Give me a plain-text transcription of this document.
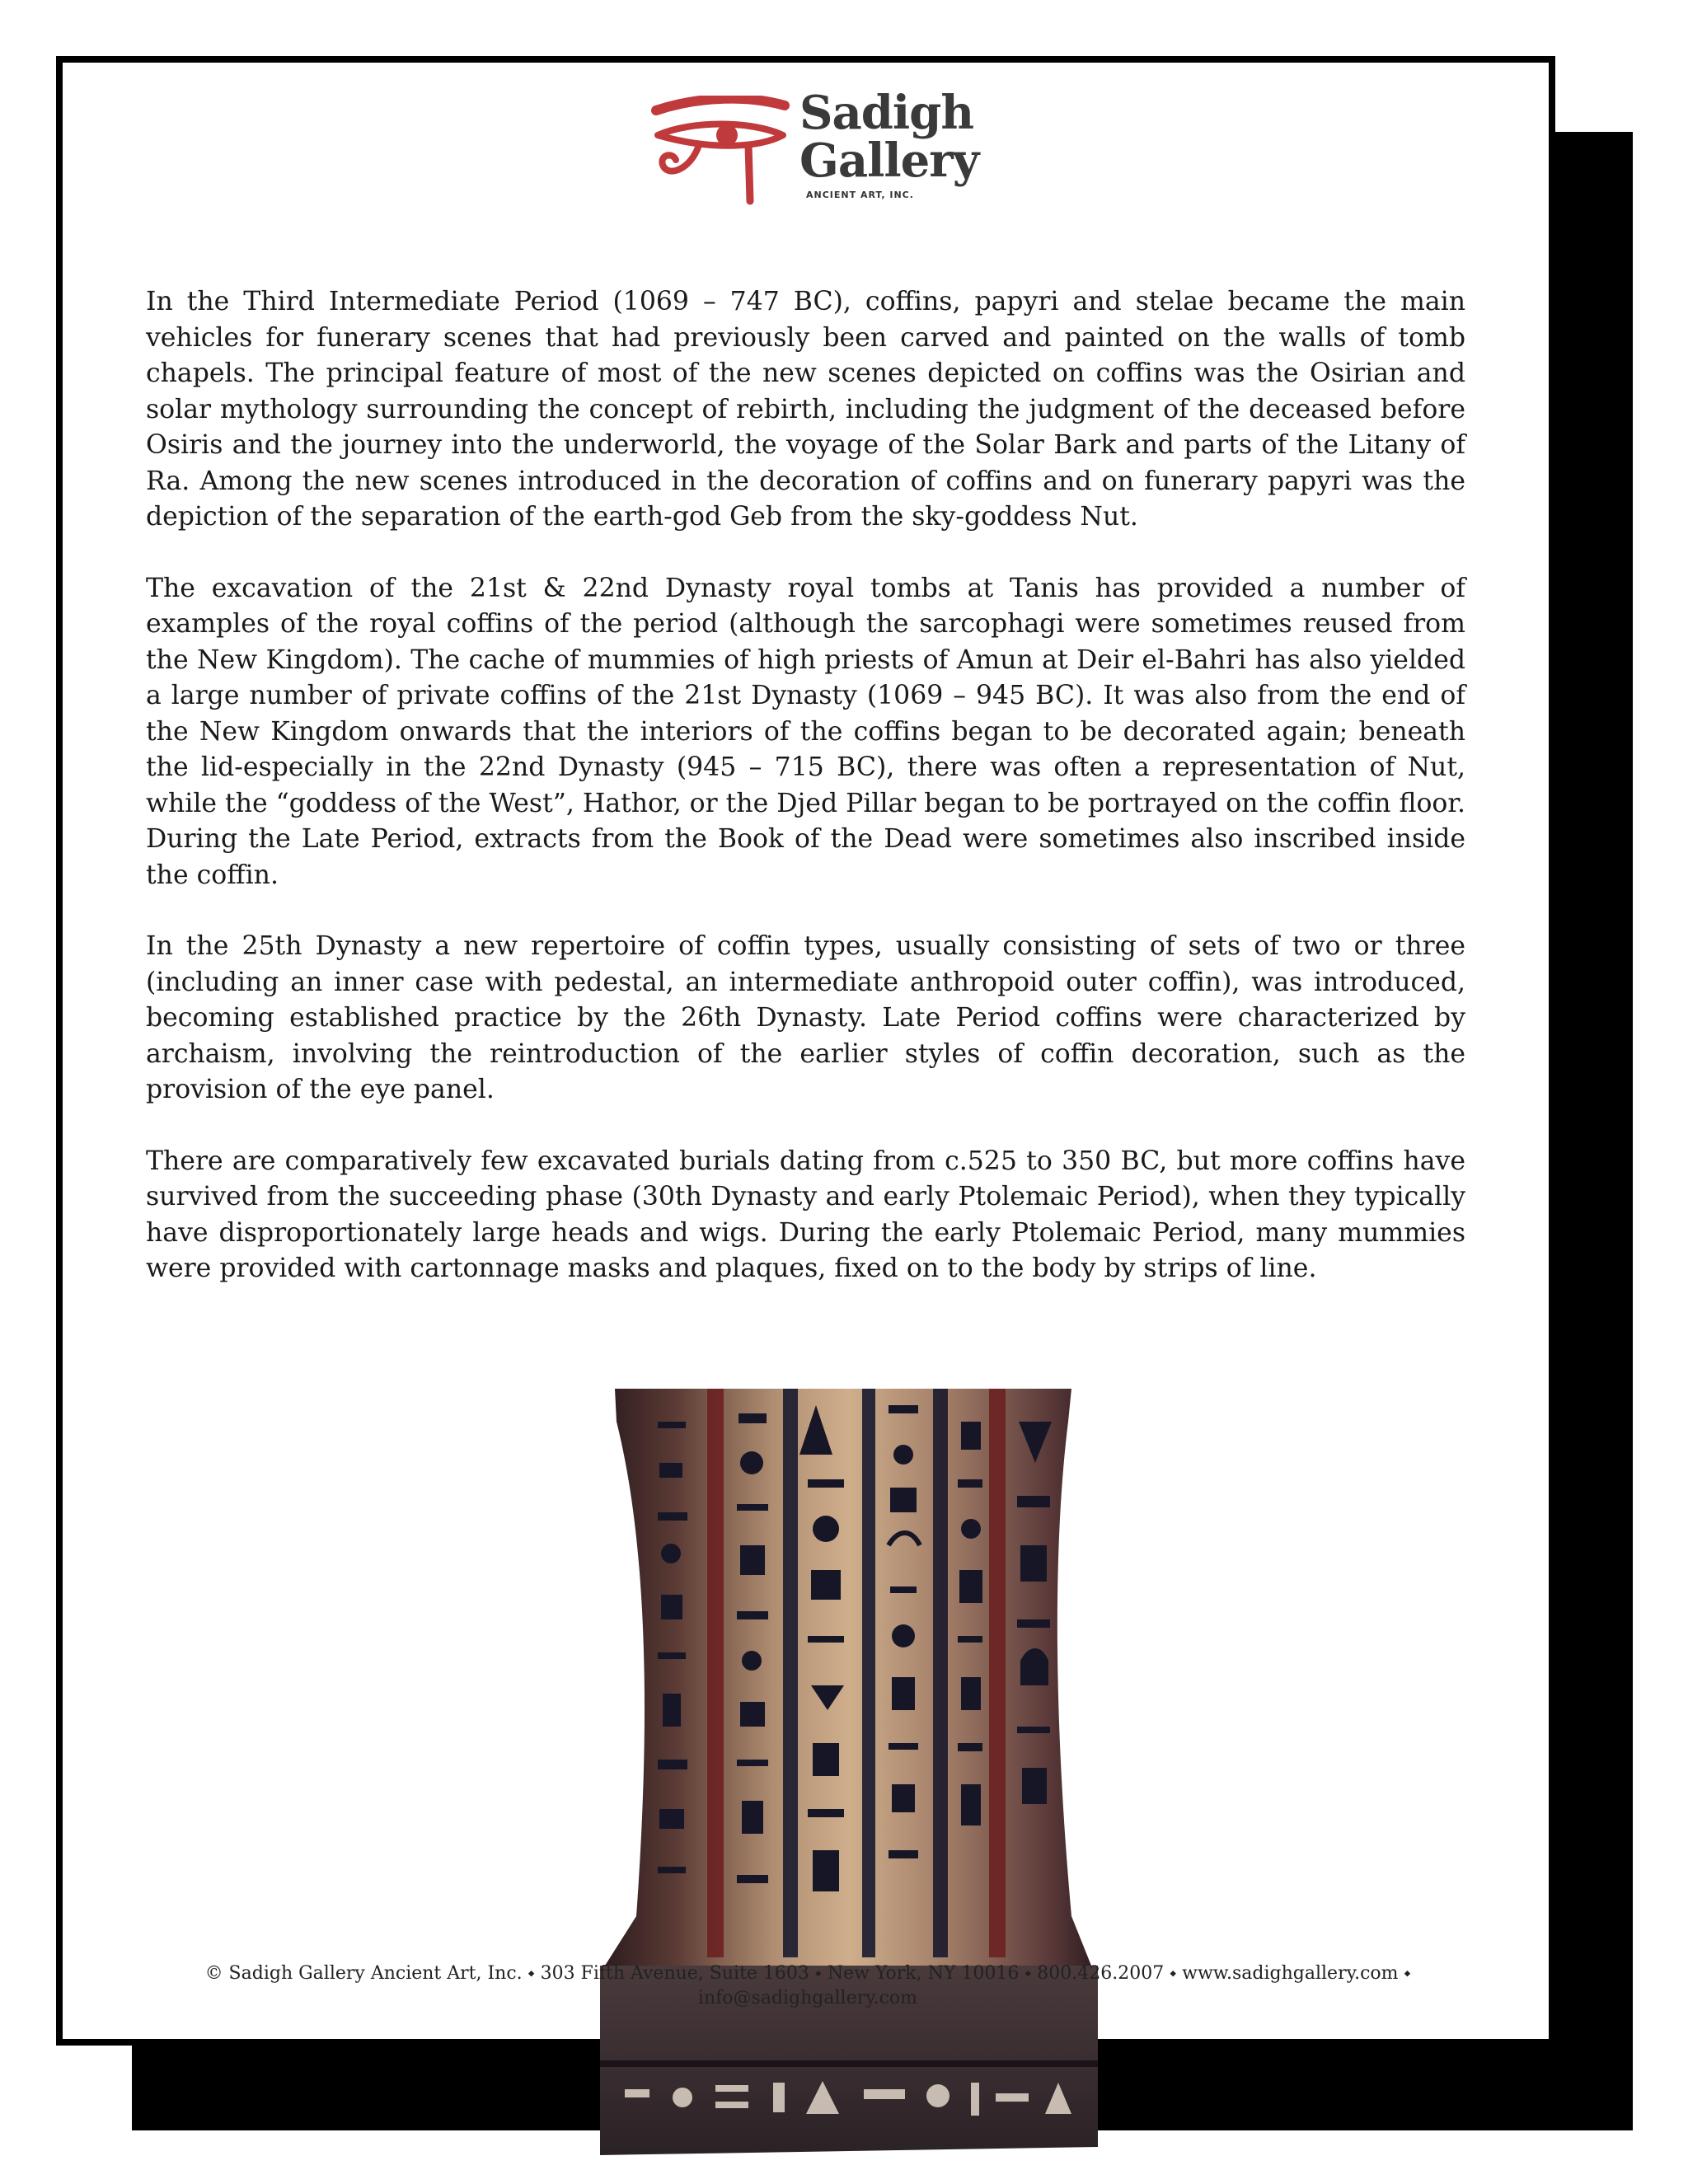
Sadigh
Gallery
ANCIENT ART, INC.

In the Third Intermediate Period (1069 – 747 BC), coffins, papyri and stelae became the main vehicles for funerary scenes that had previously been carved and painted on the walls of tomb chapels. The principal feature of most of the new scenes depicted on coffins was the Osirian and solar mythology surrounding the concept of rebirth, including the judgment of the deceased before Osiris and the journey into the underworld, the voyage of the Solar Bark and parts of the Litany of Ra. Among the new scenes introduced in the decoration of coffins and on funerary papyri was the depiction of the separation of the earth-god Geb from the sky-goddess Nut.

The excavation of the 21st & 22nd Dynasty royal tombs at Tanis has provided a number of examples of the royal coffins of the period (although the sarcophagi were sometimes reused from the New Kingdom). The cache of mummies of high priests of Amun at Deir el-Bahri has also yielded a large number of private coffins of the 21st Dynasty (1069 – 945 BC). It was also from the end of the New Kingdom onwards that the interiors of the coffins began to be decorated again; beneath the lid-especially in the 22nd Dynasty (945 – 715 BC), there was often a representation of Nut, while the “goddess of the West”, Hathor, or the Djed Pillar began to be portrayed on the coffin floor. During the Late Period, extracts from the Book of the Dead were sometimes also inscribed inside the coffin.

In the 25th Dynasty a new repertoire of coffin types, usually consisting of sets of two or three (including an inner case with pedestal, an intermediate anthropoid outer coffin), was introduced, becoming established practice by the 26th Dynasty. Late Period coffins were characterized by archaism, involving the reintroduction of the earlier styles of coffin decoration, such as the provision of the eye panel.

There are comparatively few excavated burials dating from c.525 to 350 BC, but more coffins have survived from the succeeding phase (30th Dynasty and early Ptolemaic Period), when they typically have disproportionately large heads and wigs. During the early Ptolemaic Period, many mummies were provided with cartonnage masks and plaques, fixed on to the body by strips of line.

© Sadigh Gallery Ancient Art, Inc. ⬩ 303 Fifth Avenue, Suite 1603 ⬩ New York, NY 10016 ⬩ 800.426.2007 ⬩ www.sadighgallery.com ⬩
info@sadighgallery.com
